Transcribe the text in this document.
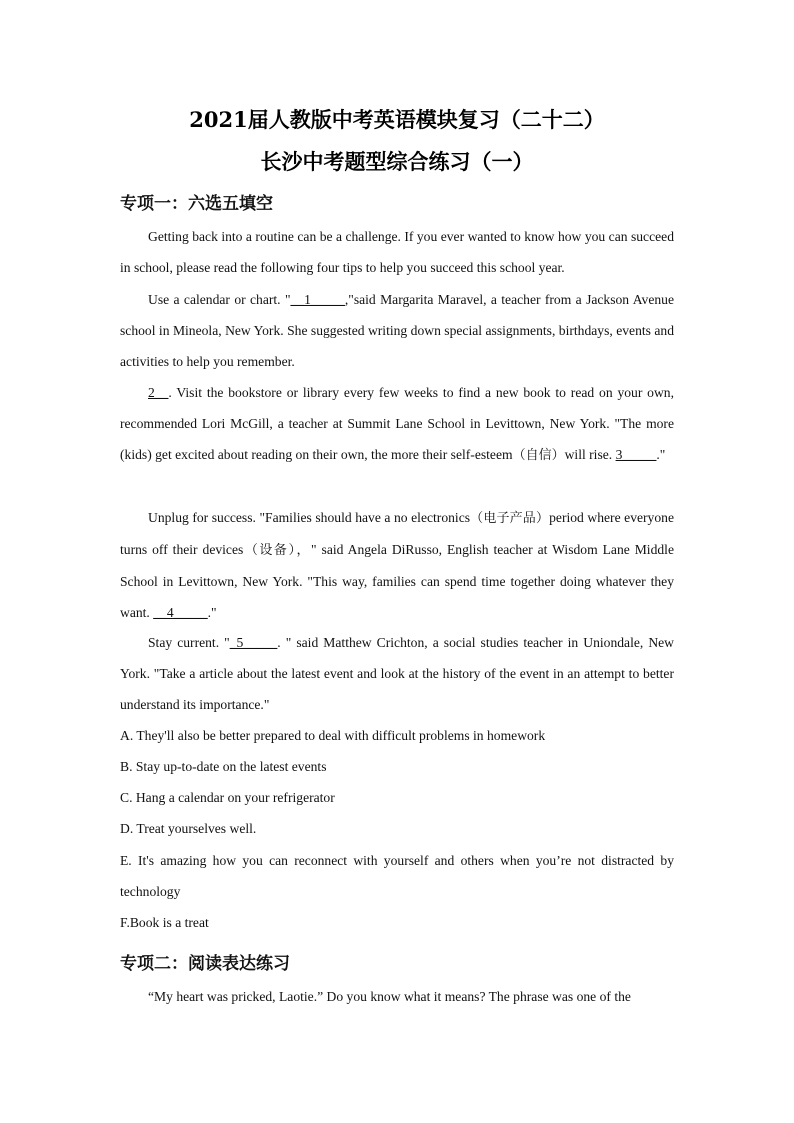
2021届人教版中考英语模块复习（二十二）
长沙中考题型综合练习（一）
专项一：六选五填空

Getting back into a routine can be a challenge. If you ever wanted to know how you can succeed in school, please read the following four tips to help you succeed this school year.

Use a calendar or chart. "__1_____,"said Margarita Maravel, a teacher from a Jackson Avenue school in Mineola, New York. She suggested writing down special assignments, birthdays, events and activities to help you remember.

2__. Visit the bookstore or library every few weeks to find a new book to read on your own, recommended Lori McGill, a teacher at Summit Lane School in Levittown, New York. "The more (kids) get excited about reading on their own, the more their self-esteem（自信）will rise. 3_____."

Unplug for success. "Families should have a no electronics（电子产品）period where everyone turns off their devices（设备），" said Angela DiRusso, English teacher at Wisdom Lane Middle School in Levittown, New York. "This way, families can spend time together doing whatever they want. __4_____."

Stay current. "_5_____. " said Matthew Crichton, a social studies teacher in Uniondale, New York. "Take a article about the latest event and look at the history of the event in an attempt to better understand its importance."

A. They'll also be better prepared to deal with difficult problems in homework

B. Stay up-to-date on the latest events

C. Hang a calendar on your refrigerator

D. Treat yourselves well.

E. It's amazing how you can reconnect with yourself and others when you’re not distracted by technology

F.Book is a treat

专项二：阅读表达练习

“My heart was pricked, Laotie.” Do you know what it means? The phrase was one of the
